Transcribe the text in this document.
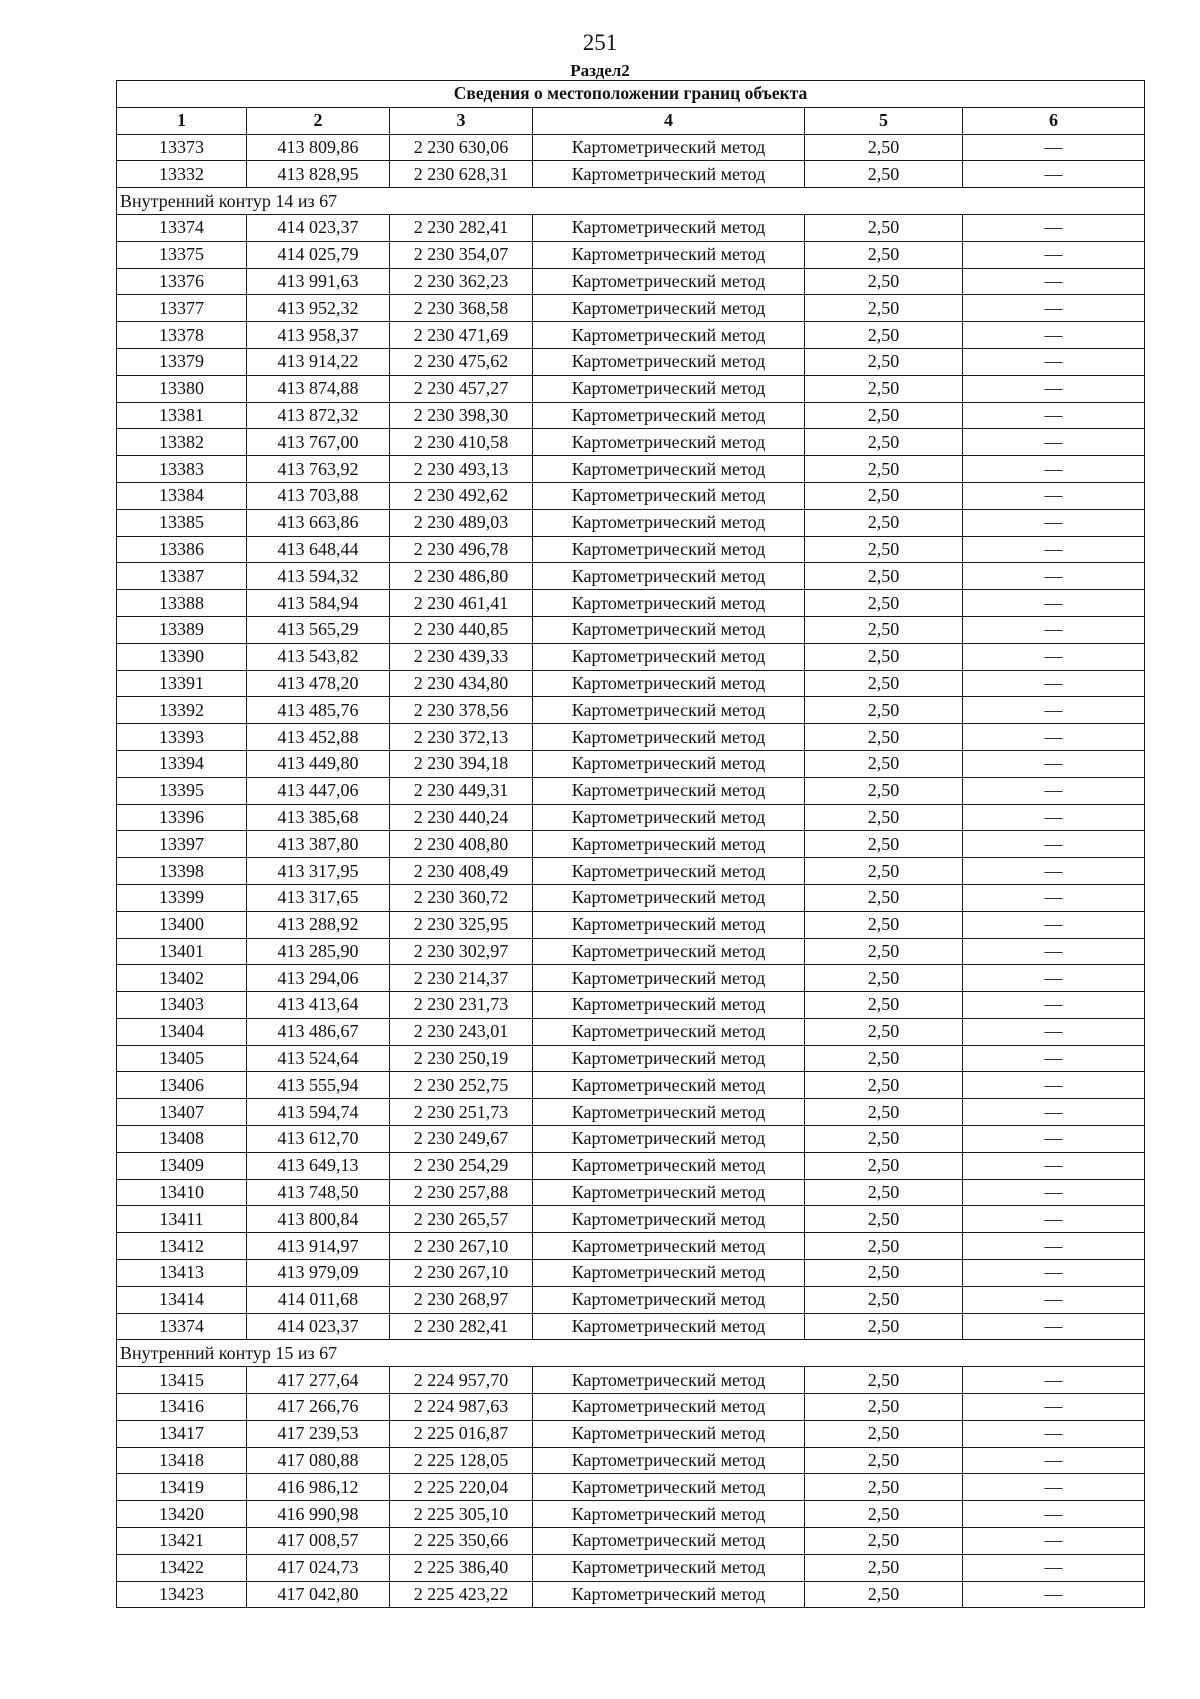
251
Раздел2
Сведения о местоположении границ объекта					
1	2	3	4	5	6
13373	413 809,86	2 230 630,06	Картометрический метод	2,50	—
13332	413 828,95	2 230 628,31	Картометрический метод	2,50	—
Внутренний контур 14 из 67					
13374	414 023,37	2 230 282,41	Картометрический метод	2,50	—
13375	414 025,79	2 230 354,07	Картометрический метод	2,50	—
13376	413 991,63	2 230 362,23	Картометрический метод	2,50	—
13377	413 952,32	2 230 368,58	Картометрический метод	2,50	—
13378	413 958,37	2 230 471,69	Картометрический метод	2,50	—
13379	413 914,22	2 230 475,62	Картометрический метод	2,50	—
13380	413 874,88	2 230 457,27	Картометрический метод	2,50	—
13381	413 872,32	2 230 398,30	Картометрический метод	2,50	—
13382	413 767,00	2 230 410,58	Картометрический метод	2,50	—
13383	413 763,92	2 230 493,13	Картометрический метод	2,50	—
13384	413 703,88	2 230 492,62	Картометрический метод	2,50	—
13385	413 663,86	2 230 489,03	Картометрический метод	2,50	—
13386	413 648,44	2 230 496,78	Картометрический метод	2,50	—
13387	413 594,32	2 230 486,80	Картометрический метод	2,50	—
13388	413 584,94	2 230 461,41	Картометрический метод	2,50	—
13389	413 565,29	2 230 440,85	Картометрический метод	2,50	—
13390	413 543,82	2 230 439,33	Картометрический метод	2,50	—
13391	413 478,20	2 230 434,80	Картометрический метод	2,50	—
13392	413 485,76	2 230 378,56	Картометрический метод	2,50	—
13393	413 452,88	2 230 372,13	Картометрический метод	2,50	—
13394	413 449,80	2 230 394,18	Картометрический метод	2,50	—
13395	413 447,06	2 230 449,31	Картометрический метод	2,50	—
13396	413 385,68	2 230 440,24	Картометрический метод	2,50	—
13397	413 387,80	2 230 408,80	Картометрический метод	2,50	—
13398	413 317,95	2 230 408,49	Картометрический метод	2,50	—
13399	413 317,65	2 230 360,72	Картометрический метод	2,50	—
13400	413 288,92	2 230 325,95	Картометрический метод	2,50	—
13401	413 285,90	2 230 302,97	Картометрический метод	2,50	—
13402	413 294,06	2 230 214,37	Картометрический метод	2,50	—
13403	413 413,64	2 230 231,73	Картометрический метод	2,50	—
13404	413 486,67	2 230 243,01	Картометрический метод	2,50	—
13405	413 524,64	2 230 250,19	Картометрический метод	2,50	—
13406	413 555,94	2 230 252,75	Картометрический метод	2,50	—
13407	413 594,74	2 230 251,73	Картометрический метод	2,50	—
13408	413 612,70	2 230 249,67	Картометрический метод	2,50	—
13409	413 649,13	2 230 254,29	Картометрический метод	2,50	—
13410	413 748,50	2 230 257,88	Картометрический метод	2,50	—
13411	413 800,84	2 230 265,57	Картометрический метод	2,50	—
13412	413 914,97	2 230 267,10	Картометрический метод	2,50	—
13413	413 979,09	2 230 267,10	Картометрический метод	2,50	—
13414	414 011,68	2 230 268,97	Картометрический метод	2,50	—
13374	414 023,37	2 230 282,41	Картометрический метод	2,50	—
Внутренний контур 15 из 67					
13415	417 277,64	2 224 957,70	Картометрический метод	2,50	—
13416	417 266,76	2 224 987,63	Картометрический метод	2,50	—
13417	417 239,53	2 225 016,87	Картометрический метод	2,50	—
13418	417 080,88	2 225 128,05	Картометрический метод	2,50	—
13419	416 986,12	2 225 220,04	Картометрический метод	2,50	—
13420	416 990,98	2 225 305,10	Картометрический метод	2,50	—
13421	417 008,57	2 225 350,66	Картометрический метод	2,50	—
13422	417 024,73	2 225 386,40	Картометрический метод	2,50	—
13423	417 042,80	2 225 423,22	Картометрический метод	2,50	—
